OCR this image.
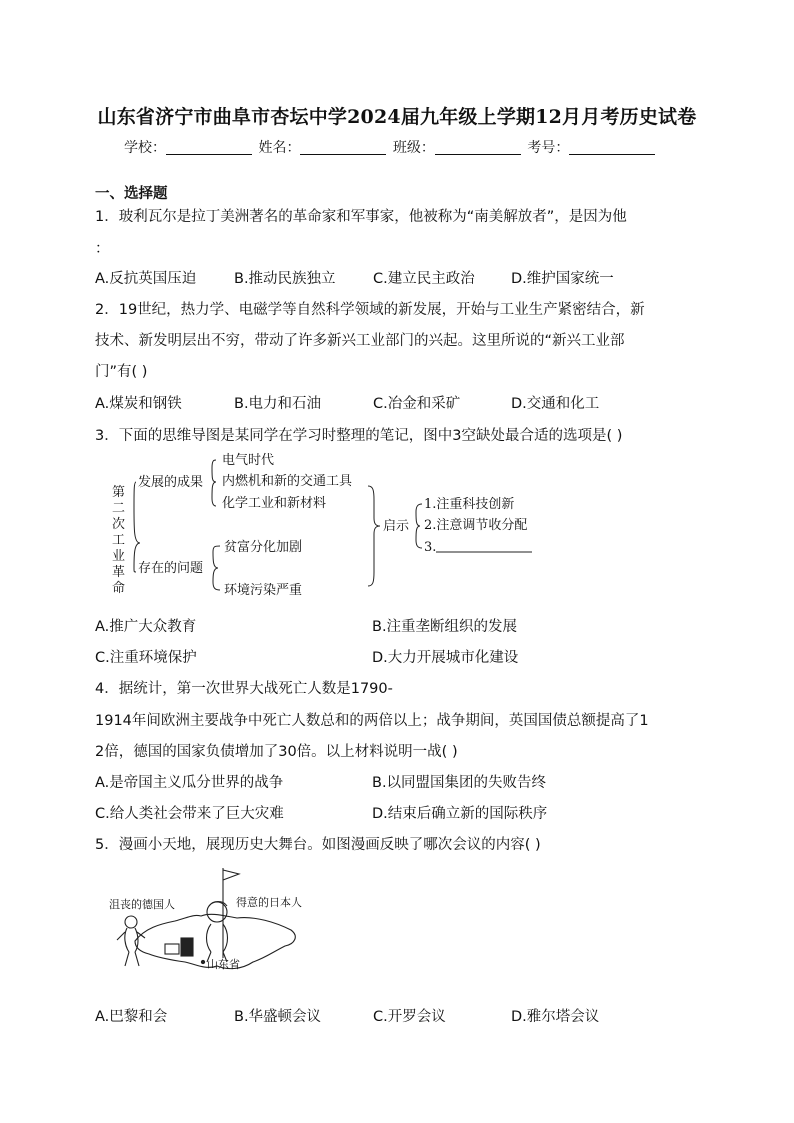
山东省济宁市曲阜市杏坛中学2024届九年级上学期12月月考历史试卷
学校：	姓名：	班级：	考号：
一、选择题
1．玻利瓦尔是拉丁美洲著名的革命家和军事家，他被称为“南美解放者”，是因为他
：
A.反抗英国压迫	B.推动民族独立	C.建立民主政治	D.维护国家统一
2．19世纪，热力学、电磁学等自然科学领域的新发展，开始与工业生产紧密结合，新
技术、新发明层出不穷，带动了许多新兴工业部门的兴起。这里所说的“新兴工业部
门”有( )
A.煤炭和钢铁	B.电力和石油	C.冶金和采矿	D.交通和化工
3．下面的思维导图是某同学在学习时整理的笔记，图中3空缺处最合适的选项是( )
第
二
次
工
业
革
命
发展的成果
电气时代
内燃机和新的交通工具
化学工业和新材料
存在的问题
贫富分化加剧
环境污染严重
启示
1.注重科技创新
2.注意调节收分配
3.
A.推广大众教育	B.注重垄断组织的发展
C.注重环境保护	D.大力开展城市化建设
4．据统计，第一次世界大战死亡人数是1790-
1914年间欧洲主要战争中死亡人数总和的两倍以上；战争期间，英国国债总额提高了1
2倍，德国的国家负债增加了30倍。以上材料说明一战( )
A.是帝国主义瓜分世界的战争	B.以同盟国集团的失败告终
C.给人类社会带来了巨大灾难	D.结束后确立新的国际秩序
5．漫画小天地，展现历史大舞台。如图漫画反映了哪次会议的内容( )
沮丧的德国人	得意的日本人
山东省
A.巴黎和会	B.华盛顿会议	C.开罗会议	D.雅尔塔会议
